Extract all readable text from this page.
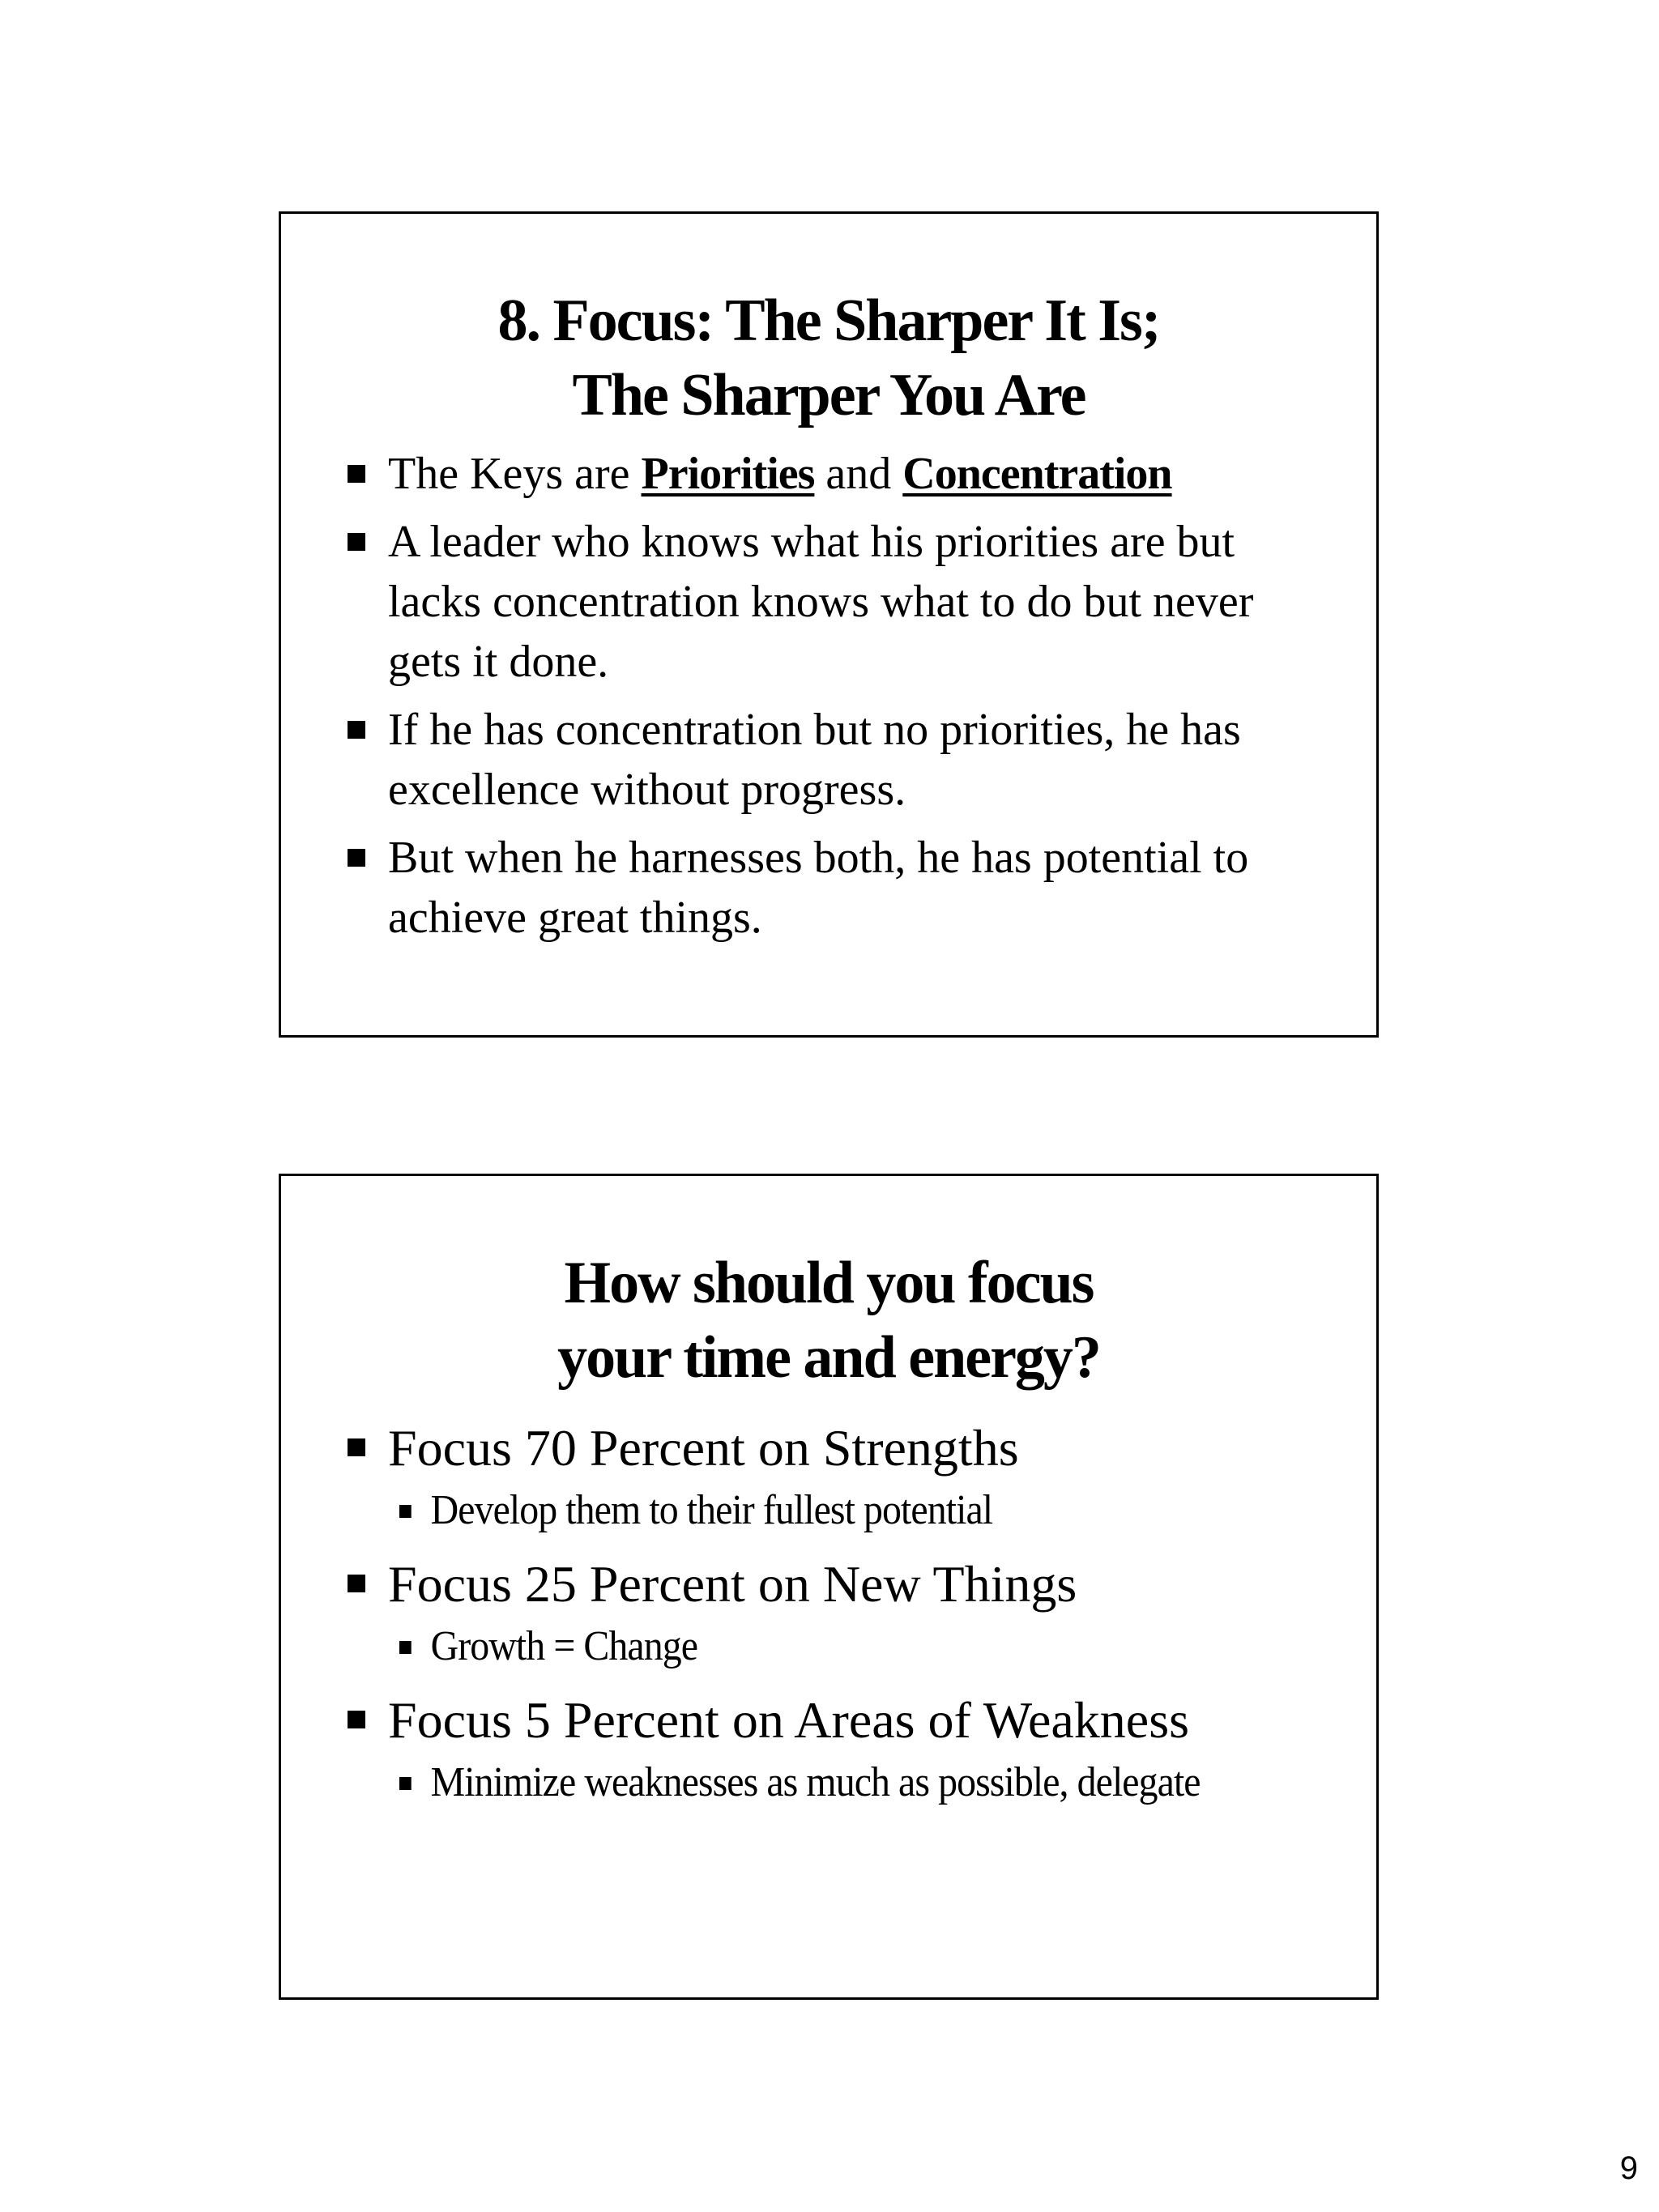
8. Focus: The Sharper It Is;
The Sharper You Are
The Keys are Priorities and Concentration
A leader who knows what his priorities are but lacks concentration knows what to do but never gets it done.
If he has concentration but no priorities, he has excellence without progress.
But when he harnesses both, he has potential to achieve great things.
How should you focus
your time and energy?
Focus 70 Percent on Strengths
Develop them to their fullest potential
Focus 25 Percent on New Things
Growth = Change
Focus 5 Percent on Areas of Weakness
Minimize weaknesses as much as possible, delegate
9
